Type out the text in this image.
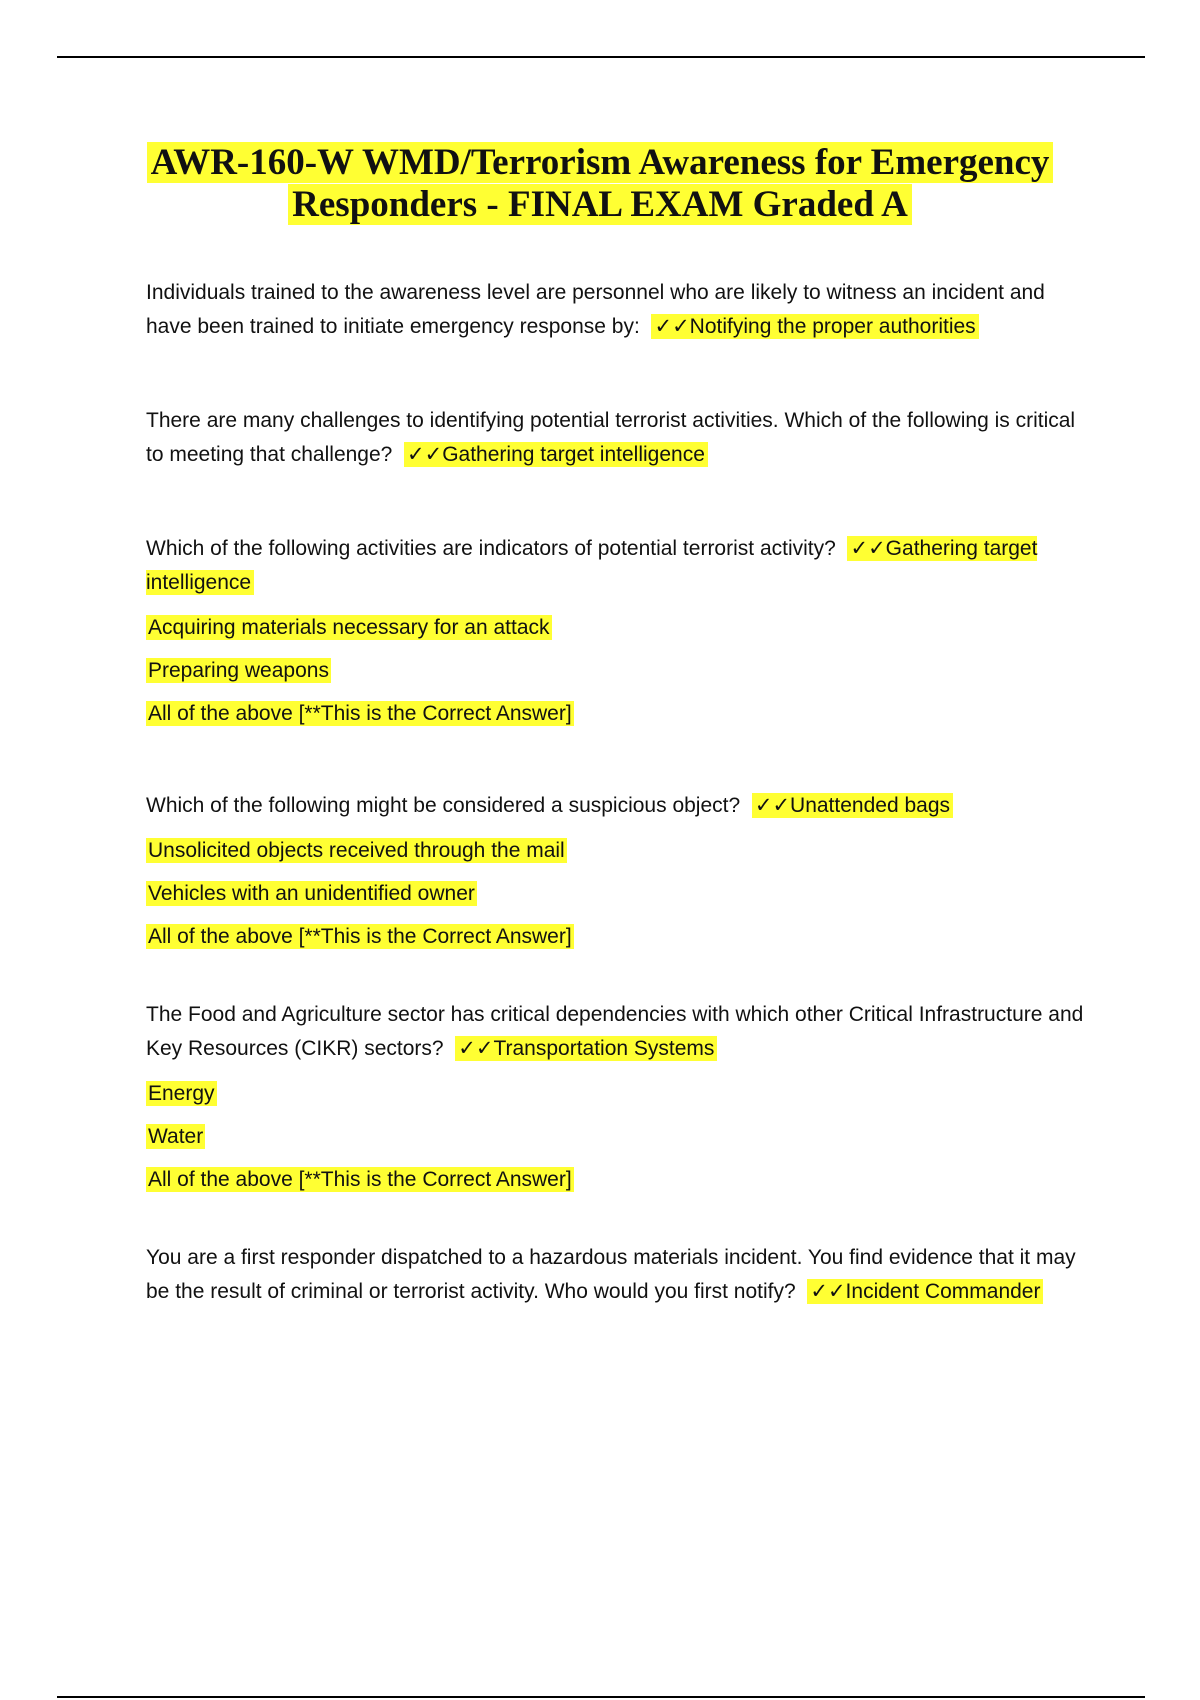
AWR-160-W WMD/Terrorism Awareness for Emergency
Responders - FINAL EXAM Graded A

Individuals trained to the awareness level are personnel who are likely to witness an incident and have been trained to initiate emergency response by: ✓✓Notifying the proper authorities

There are many challenges to identifying potential terrorist activities. Which of the following is critical to meeting that challenge? ✓✓Gathering target intelligence

Which of the following activities are indicators of potential terrorist activity? ✓✓Gathering target intelligence

Acquiring materials necessary for an attack

Preparing weapons

All of the above [**This is the Correct Answer]

Which of the following might be considered a suspicious object? ✓✓Unattended bags

Unsolicited objects received through the mail

Vehicles with an unidentified owner

All of the above [**This is the Correct Answer]

The Food and Agriculture sector has critical dependencies with which other Critical Infrastructure and Key Resources (CIKR) sectors? ✓✓Transportation Systems

Energy

Water

All of the above [**This is the Correct Answer]

You are a first responder dispatched to a hazardous materials incident. You find evidence that it may be the result of criminal or terrorist activity. Who would you first notify? ✓✓Incident Commander
